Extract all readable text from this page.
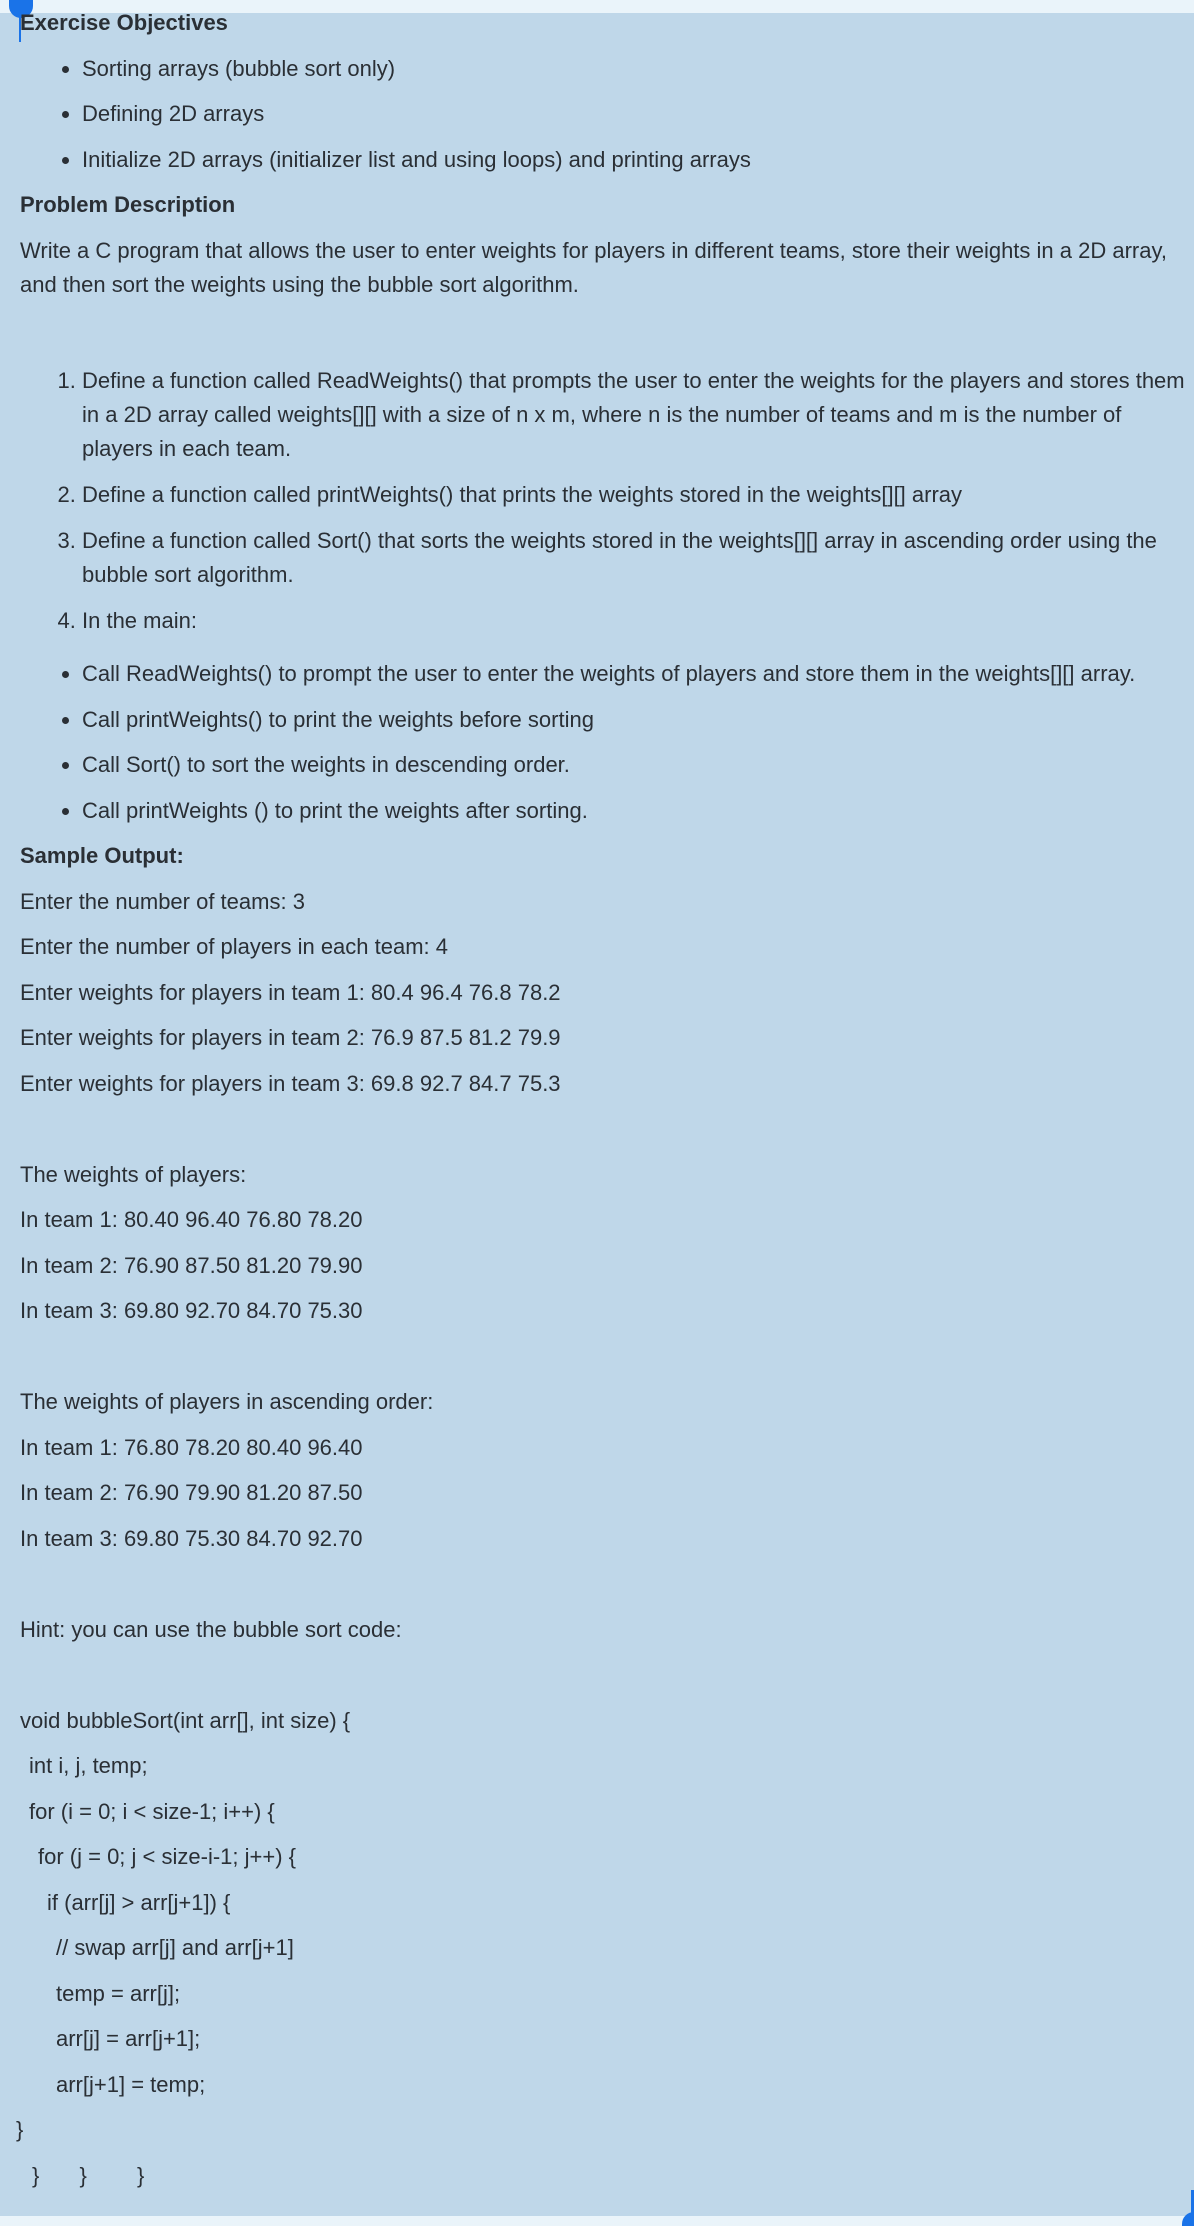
Exercise Objectives

• Sorting arrays (bubble sort only)
• Defining 2D arrays
• Initialize 2D arrays (initializer list and using loops) and printing arrays

Problem Description

Write a C program that allows the user to enter weights for players in different teams, store their weights in a 2D array, and then sort the weights using the bubble sort algorithm.

1. Define a function called ReadWeights() that prompts the user to enter the weights for the players and stores them in a 2D array called weights[][] with a size of n x m, where n is the number of teams and m is the number of players in each team.
2. Define a function called printWeights() that prints the weights stored in the weights[][] array
3. Define a function called Sort() that sorts the weights stored in the weights[][] array in ascending order using the bubble sort algorithm.
4. In the main:
• Call ReadWeights() to prompt the user to enter the weights of players and store them in the weights[][] array.
• Call printWeights() to print the weights before sorting
• Call Sort() to sort the weights in descending order.
• Call printWeights () to print the weights after sorting.

Sample Output:

Enter the number of teams: 3

Enter the number of players in each team: 4

Enter weights for players in team 1: 80.4 96.4 76.8 78.2

Enter weights for players in team 2: 76.9 87.5 81.2 79.9

Enter weights for players in team 3: 69.8 92.7 84.7 75.3

The weights of players:

In team 1: 80.40 96.40 76.80 78.20

In team 2: 76.90 87.50 81.20 79.90

In team 3: 69.80 92.70 84.70 75.30

The weights of players in ascending order:

In team 1: 76.80 78.20 80.40 96.40

In team 2: 76.90 79.90 81.20 87.50

In team 3: 69.80 75.30 84.70 92.70

Hint: you can use the bubble sort code:

void bubbleSort(int arr[], int size) {

int i, j, temp;

for (i = 0; i < size-1; i++) {

for (j = 0; j < size-i-1; j++) {

if (arr[j] > arr[j+1]) {

// swap arr[j] and arr[j+1]

temp = arr[j];

arr[j] = arr[j+1];

arr[j+1] = temp;

}

} } }
